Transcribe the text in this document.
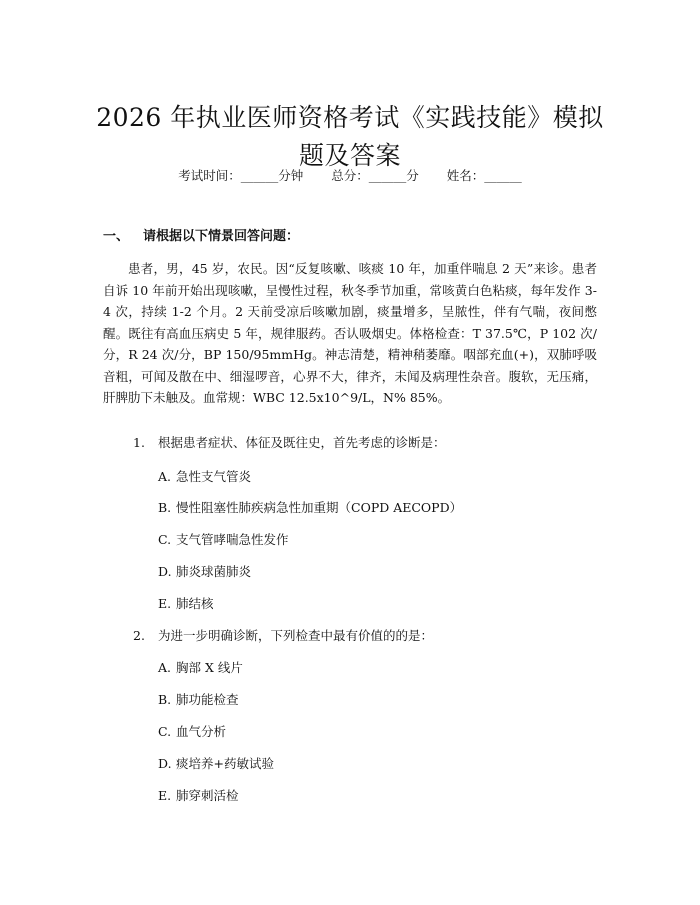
2026 年执业医师资格考试《实践技能》模拟题及答案
考试时间：______分钟 总分：______分 姓名：______
一、 请根据以下情景回答问题：

患者，男，45 岁，农民。因“反复咳嗽、咳痰 10 年，加重伴喘息 2 天”来诊。患者自诉 10 年前开始出现咳嗽，呈慢性过程，秋冬季节加重，常咳黄白色粘痰，每年发作 3-4 次，持续 1-2 个月。2 天前受凉后咳嗽加剧，痰量增多，呈脓性，伴有气喘，夜间憋醒。既往有高血压病史 5 年，规律服药。否认吸烟史。体格检查：T 37.5℃，P 102 次/分，R 24 次/分，BP 150/95mmHg。神志清楚，精神稍萎靡。咽部充血(+)，双肺呼吸音粗，可闻及散在中、细湿啰音，心界不大，律齐，未闻及病理性杂音。腹软，无压痛，肝脾肋下未触及。血常规：WBC 12.5x10^9/L，N% 85%。

1. 根据患者症状、体征及既往史，首先考虑的诊断是：
A. 急性支气管炎
B. 慢性阻塞性肺疾病急性加重期（COPD AECOPD）
C. 支气管哮喘急性发作
D. 肺炎球菌肺炎
E. 肺结核
2. 为进一步明确诊断，下列检查中最有价值的的是：
A. 胸部 X 线片
B. 肺功能检查
C. 血气分析
D. 痰培养+药敏试验
E. 肺穿刺活检
